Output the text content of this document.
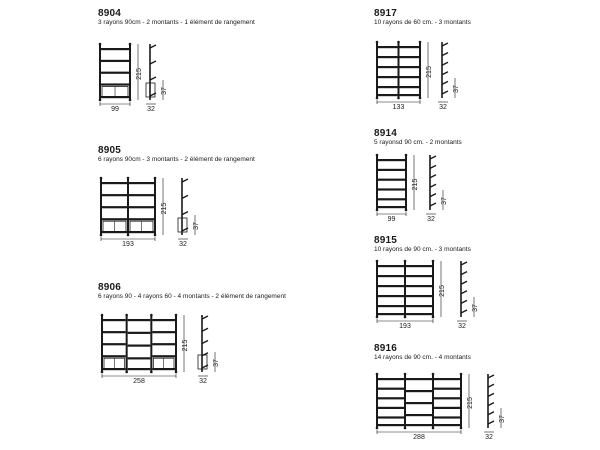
8904
3 rayons 90cm - 2 montants - 1 élément de rangement
99
215
37
32
8905
6 rayons 90cm - 3 montants - 2 élément de rangement
193
215
37
32
8906
6 rayons 90 - 4 rayons 60 - 4 montants - 2 élément de rangement
258
215
37
32
8917
10 rayons de 60 cm. - 3 montants
133
215
37
32
8914
5 rayonsd 90 cm. - 2 montants
99
215
37
32
8915
10 rayons de 90 cm. - 3 montants
193
215
37
32
8916
14 rayons de 90 cm. - 4 montants
288
215
37
32
